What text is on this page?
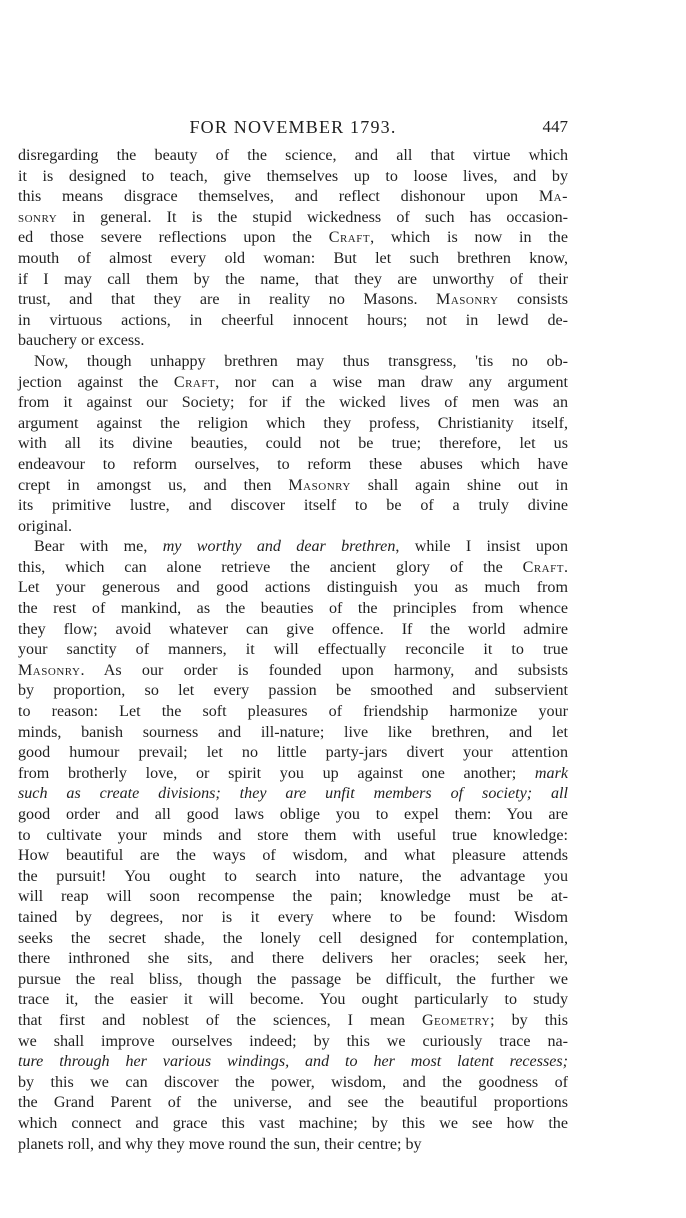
FOR NOVEMBER 1793.	447
disregarding the beauty of the science, and all that virtue which
it is designed to teach, give themselves up to loose lives, and by
this means disgrace themselves, and reflect dishonour upon Ma-
sonry in general. It is the stupid wickedness of such has occasion-
ed those severe reflections upon the Craft, which is now in the
mouth of almost every old woman: But let such brethren know,
if I may call them by the name, that they are unworthy of their
trust, and that they are in reality no Masons. Masonry consists
in virtuous actions, in cheerful innocent hours; not in lewd de-
bauchery or excess.
Now, though unhappy brethren may thus transgress, 'tis no ob-
jection against the Craft, nor can a wise man draw any argument
from it against our Society; for if the wicked lives of men was an
argument against the religion which they profess, Christianity itself,
with all its divine beauties, could not be true; therefore, let us
endeavour to reform ourselves, to reform these abuses which have
crept in amongst us, and then Masonry shall again shine out in
its primitive lustre, and discover itself to be of a truly divine
original.
Bear with me, my worthy and dear brethren, while I insist upon
this, which can alone retrieve the ancient glory of the Craft.
Let your generous and good actions distinguish you as much from
the rest of mankind, as the beauties of the principles from whence
they flow; avoid whatever can give offence. If the world admire
your sanctity of manners, it will effectually reconcile it to true
Masonry. As our order is founded upon harmony, and subsists
by proportion, so let every passion be smoothed and subservient
to reason: Let the soft pleasures of friendship harmonize your
minds, banish sourness and ill-nature; live like brethren, and let
good humour prevail; let no little party-jars divert your attention
from brotherly love, or spirit you up against one another; mark
such as create divisions; they are unfit members of society; all
good order and all good laws oblige you to expel them: You are
to cultivate your minds and store them with useful true knowledge:
How beautiful are the ways of wisdom, and what pleasure attends
the pursuit! You ought to search into nature, the advantage you
will reap will soon recompense the pain; knowledge must be at-
tained by degrees, nor is it every where to be found: Wisdom
seeks the secret shade, the lonely cell designed for contemplation,
there inthroned she sits, and there delivers her oracles; seek her,
pursue the real bliss, though the passage be difficult, the further we
trace it, the easier it will become. You ought particularly to study
that first and noblest of the sciences, I mean Geometry; by this
we shall improve ourselves indeed; by this we curiously trace na-
ture through her various windings, and to her most latent recesses;
by this we can discover the power, wisdom, and the goodness of
the Grand Parent of the universe, and see the beautiful proportions
which connect and grace this vast machine; by this we see how the
planets roll, and why they move round the sun, their centre; by
